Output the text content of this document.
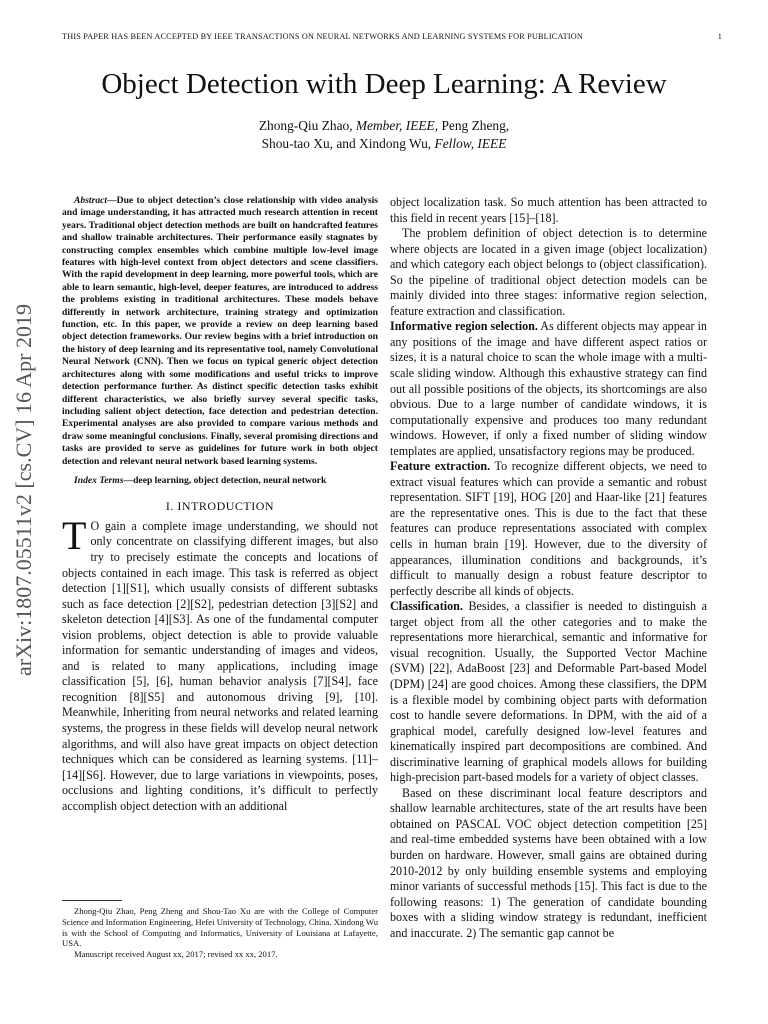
THIS PAPER HAS BEEN ACCEPTED BY IEEE TRANSACTIONS ON NEURAL NETWORKS AND LEARNING SYSTEMS FOR PUBLICATION	1
Object Detection with Deep Learning: A Review
Zhong-Qiu Zhao, Member, IEEE, Peng Zheng,
Shou-tao Xu, and Xindong Wu, Fellow, IEEE
arXiv:1807.05511v2 [cs.CV] 16 Apr 2019
Abstract—Due to object detection’s close relationship with video analysis and image understanding, it has attracted much research attention in recent years. Traditional object detection methods are built on handcrafted features and shallow trainable architectures. Their performance easily stagnates by constructing complex ensembles which combine multiple low-level image features with high-level context from object detectors and scene classifiers. With the rapid development in deep learning, more powerful tools, which are able to learn semantic, high-level, deeper features, are introduced to address the problems existing in traditional architectures. These models behave differently in network architecture, training strategy and optimization function, etc. In this paper, we provide a review on deep learning based object detection frameworks. Our review begins with a brief introduction on the history of deep learning and its representative tool, namely Convolutional Neural Network (CNN). Then we focus on typical generic object detection architectures along with some modifications and useful tricks to improve detection performance further. As distinct specific detection tasks exhibit different characteristics, we also briefly survey several specific tasks, including salient object detection, face detection and pedestrian detection. Experimental analyses are also provided to compare various methods and draw some meaningful conclusions. Finally, several promising directions and tasks are provided to serve as guidelines for future work in both object detection and relevant neural network based learning systems.
Index Terms—deep learning, object detection, neural network
I. INTRODUCTION

T O gain a complete image understanding, we should not only concentrate on classifying different images, but also try to precisely estimate the concepts and locations of objects contained in each image. This task is referred as object detection [1][S1], which usually consists of different subtasks such as face detection [2][S2], pedestrian detection [3][S2] and skeleton detection [4][S3]. As one of the fundamental computer vision problems, object detection is able to provide valuable information for semantic understanding of images and videos, and is related to many applications, including image classification [5], [6], human behavior analysis [7][S4], face recognition [8][S5] and autonomous driving [9], [10]. Meanwhile, Inheriting from neural networks and related learning systems, the progress in these fields will develop neural network algorithms, and will also have great impacts on object detection techniques which can be considered as learning systems. [11]–[14][S6]. However, due to large variations in viewpoints, poses, occlusions and lighting conditions, it’s difficult to perfectly accomplish object detection with an additional

Zhong-Qiu Zhao, Peng Zheng and Shou-Tao Xu are with the College of Computer Science and Information Engineering, Hefei University of Technology, China. Xindong Wu is with the School of Computing and Informatics, University of Louisiana at Lafayette, USA.

Manuscript received August xx, 2017; revised xx xx, 2017.

object localization task. So much attention has been attracted to this field in recent years [15]–[18].

The problem definition of object detection is to determine where objects are located in a given image (object localization) and which category each object belongs to (object classification). So the pipeline of traditional object detection models can be mainly divided into three stages: informative region selection, feature extraction and classification.

Informative region selection. As different objects may appear in any positions of the image and have different aspect ratios or sizes, it is a natural choice to scan the whole image with a multi-scale sliding window. Although this exhaustive strategy can find out all possible positions of the objects, its shortcomings are also obvious. Due to a large number of candidate windows, it is computationally expensive and produces too many redundant windows. However, if only a fixed number of sliding window templates are applied, unsatisfactory regions may be produced.

Feature extraction. To recognize different objects, we need to extract visual features which can provide a semantic and robust representation. SIFT [19], HOG [20] and Haar-like [21] features are the representative ones. This is due to the fact that these features can produce representations associated with complex cells in human brain [19]. However, due to the diversity of appearances, illumination conditions and backgrounds, it’s difficult to manually design a robust feature descriptor to perfectly describe all kinds of objects.

Classification. Besides, a classifier is needed to distinguish a target object from all the other categories and to make the representations more hierarchical, semantic and informative for visual recognition. Usually, the Supported Vector Machine (SVM) [22], AdaBoost [23] and Deformable Part-based Model (DPM) [24] are good choices. Among these classifiers, the DPM is a flexible model by combining object parts with deformation cost to handle severe deformations. In DPM, with the aid of a graphical model, carefully designed low-level features and kinematically inspired part decompositions are combined. And discriminative learning of graphical models allows for building high-precision part-based models for a variety of object classes.

Based on these discriminant local feature descriptors and shallow learnable architectures, state of the art results have been obtained on PASCAL VOC object detection competition [25] and real-time embedded systems have been obtained with a low burden on hardware. However, small gains are obtained during 2010-2012 by only building ensemble systems and employing minor variants of successful methods [15]. This fact is due to the following reasons: 1) The generation of candidate bounding boxes with a sliding window strategy is redundant, inefficient and inaccurate. 2) The semantic gap cannot be
